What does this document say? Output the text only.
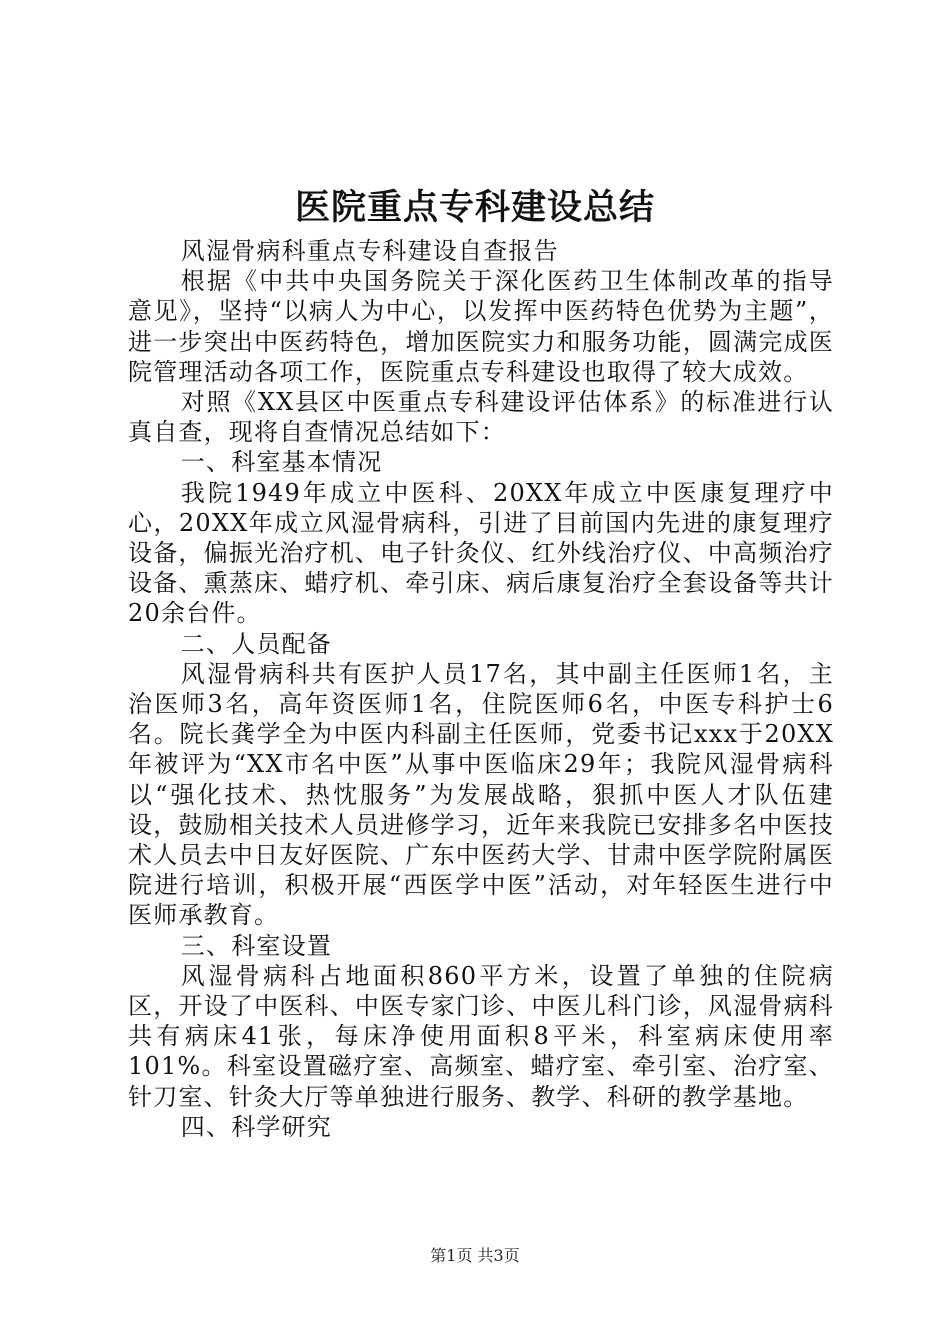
医院重点专科建设总结

风湿骨病科重点专科建设自查报告

根据《中共中央国务院关于深化医药卫生体制改革的指导意见》，坚持“以病人为中心，以发挥中医药特色优势为主题”，进一步突出中医药特色，增加医院实力和服务功能，圆满完成医院管理活动各项工作，医院重点专科建设也取得了较大成效。

对照《XX县区中医重点专科建设评估体系》的标准进行认真自查，现将自查情况总结如下：

一、科室基本情况

我院1949年成立中医科、20XX年成立中医康复理疗中心，20XX年成立风湿骨病科，引进了目前国内先进的康复理疗设备，偏振光治疗机、电子针灸仪、红外线治疗仪、中高频治疗设备、熏蒸床、蜡疗机、牵引床、病后康复治疗全套设备等共计20余台件。

二、人员配备

风湿骨病科共有医护人员17名，其中副主任医师1名，主治医师3名，高年资医师1名，住院医师6名，中医专科护士6名。院长龚学全为中医内科副主任医师，党委书记xxx于20XX年被评为“XX市名中医”从事中医临床29年；我院风湿骨病科以“强化技术、热忱服务”为发展战略，狠抓中医人才队伍建设，鼓励相关技术人员进修学习，近年来我院已安排多名中医技术人员去中日友好医院、广东中医药大学、甘肃中医学院附属医院进行培训，积极开展“西医学中医”活动，对年轻医生进行中医师承教育。

三、科室设置

风湿骨病科占地面积860平方米，设置了单独的住院病区，开设了中医科、中医专家门诊、中医儿科门诊，风湿骨病科共有病床41张，每床净使用面积8平米，科室病床使用率101%。科室设置磁疗室、高频室、蜡疗室、牵引室、治疗室、针刀室、针灸大厅等单独进行服务、教学、科研的教学基地。

四、科学研究

第1页 共3页
